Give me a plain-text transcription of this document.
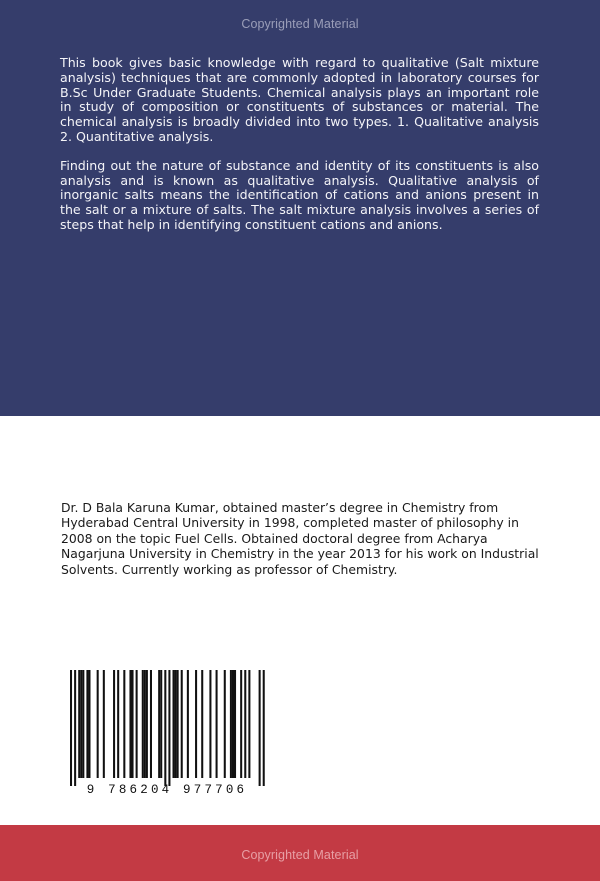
Copyrighted Material

This book gives basic knowledge with regard to qualitative (Salt mixture analysis) techniques that are commonly adopted in laboratory courses for B.Sc Under Graduate Students. Chemical analysis plays an important role in study of composition or constituents of substances or material. The chemical analysis is broadly divided into two types. 1. Qualitative analysis 2. Quantitative analysis.

Finding out the nature of substance and identity of its constituents is also analysis and is known as qualitative analysis. Qualitative analysis of inorganic salts means the identification of cations and anions present in the salt or a mixture of salts. The salt mixture analysis involves a series of steps that help in identifying constituent cations and anions.

Dr. D Bala Karuna Kumar, obtained master’s degree in Chemistry from Hyderabad Central University in 1998, completed master of philosophy in 2008 on the topic Fuel Cells. Obtained doctoral degree from Acharya Nagarjuna University in Chemistry in the year 2013 for his work on Industrial Solvents. Currently working as professor of Chemistry.
9 786204 977706
Copyrighted Material
